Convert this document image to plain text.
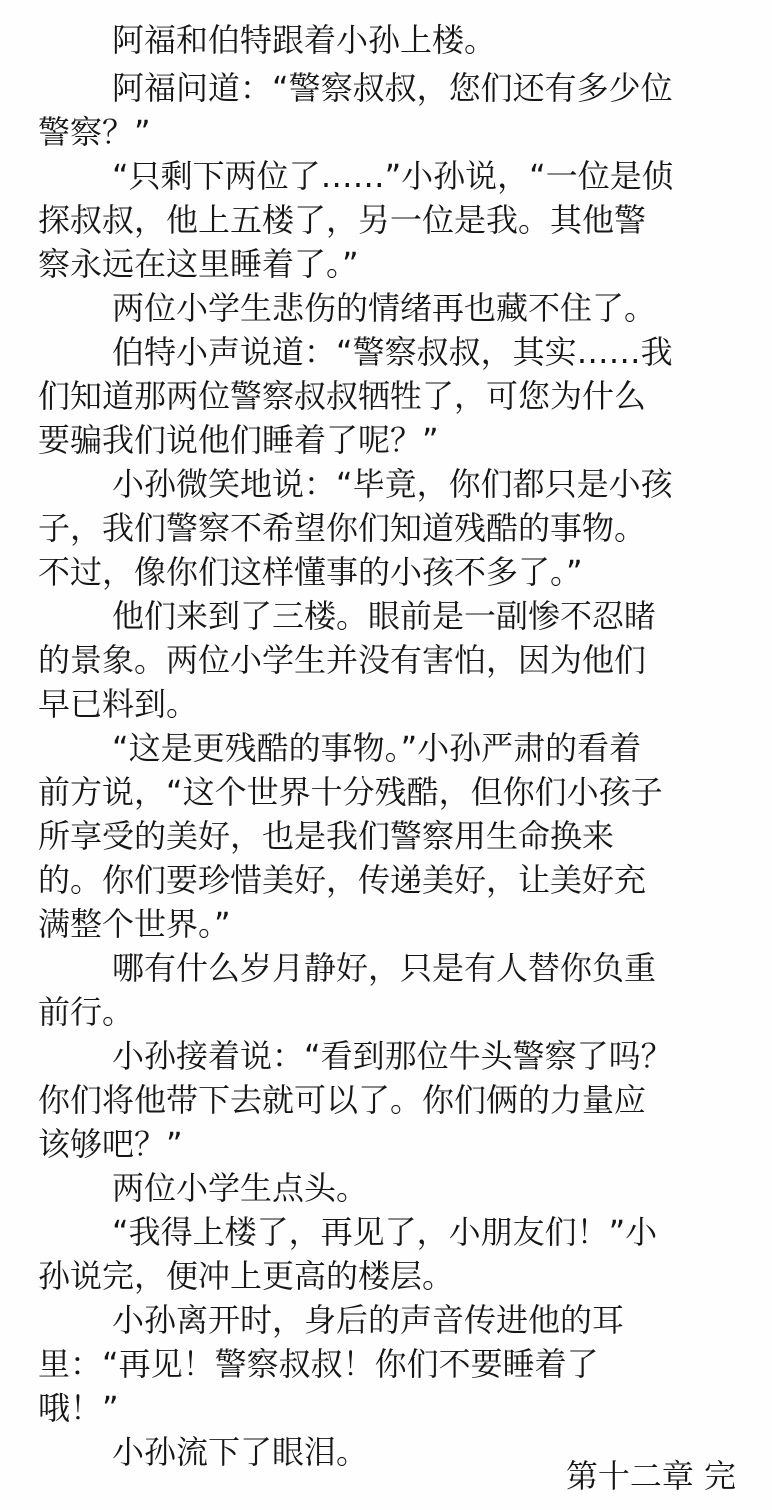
阿福和伯特跟着小孙上楼。
阿福问道：“警察叔叔，您们还有多少位
警察？”
“只剩下两位了……”小孙说，“一位是侦
探叔叔，他上五楼了，另一位是我。其他警
察永远在这里睡着了。”
两位小学生悲伤的情绪再也藏不住了。
伯特小声说道：“警察叔叔，其实……我
们知道那两位警察叔叔牺牲了，可您为什么
要骗我们说他们睡着了呢？”
小孙微笑地说：“毕竟，你们都只是小孩
子，我们警察不希望你们知道残酷的事物。
不过，像你们这样懂事的小孩不多了。”
他们来到了三楼。眼前是一副惨不忍睹
的景象。两位小学生并没有害怕，因为他们
早已料到。
“这是更残酷的事物。”小孙严肃的看着
前方说，“这个世界十分残酷，但你们小孩子
所享受的美好，也是我们警察用生命换来
的。你们要珍惜美好，传递美好，让美好充
满整个世界。”
哪有什么岁月静好，只是有人替你负重
前行。
小孙接着说：“看到那位牛头警察了吗？
你们将他带下去就可以了。你们俩的力量应
该够吧？”
两位小学生点头。
“我得上楼了，再见了，小朋友们！”小
孙说完，便冲上更高的楼层。
小孙离开时，身后的声音传进他的耳
里：“再见！警察叔叔！你们不要睡着了
哦！”
小孙流下了眼泪。
第十二章 完
